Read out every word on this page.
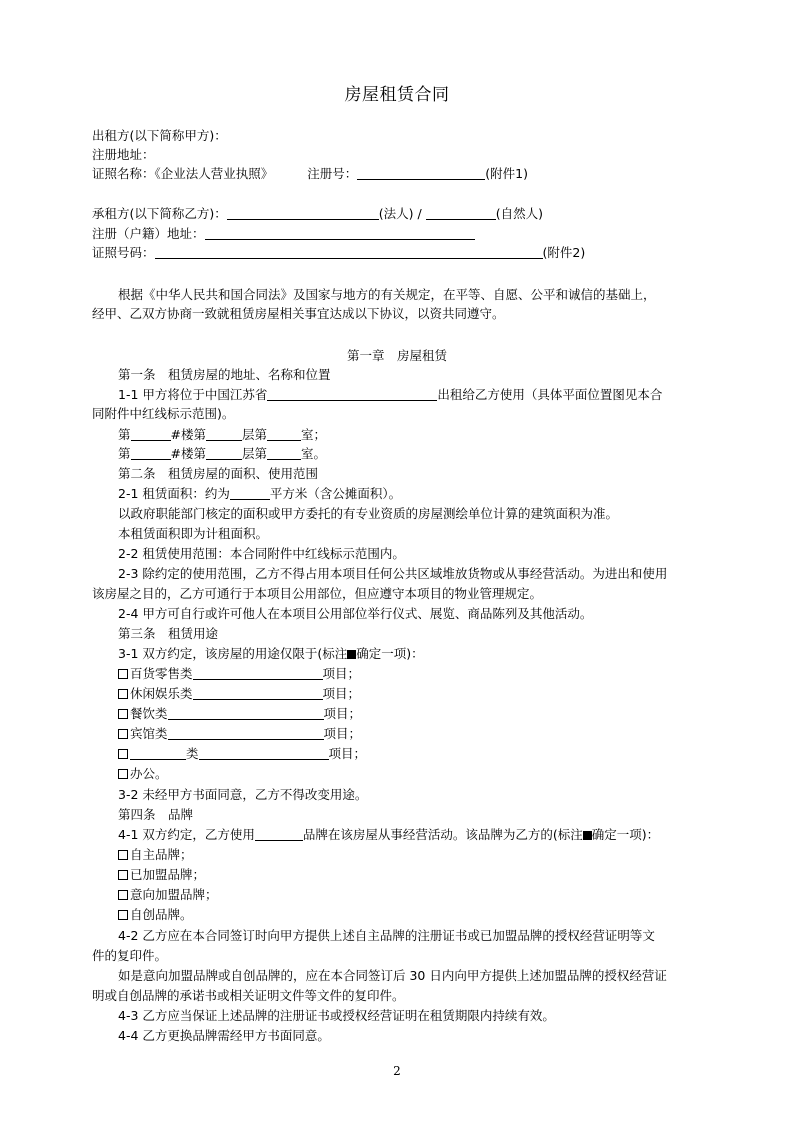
房屋租赁合同
出租方(以下简称甲方)：
注册地址：
证照名称：《企业法人营业执照》	注册号：	(附件1)
承租方(以下简称乙方)：	(法人) /	(自然人)
注册（户籍）地址：
证照号码：	(附件2)
根据《中华人民共和国合同法》及国家与地方的有关规定，在平等、自愿、公平和诚信的基础上，
经甲、乙双方协商一致就租赁房屋相关事宜达成以下协议，以资共同遵守。
第一章　房屋租赁
第一条　租赁房屋的地址、名称和位置
1-1 甲方将位于中国江苏省	出租给乙方使用（具体平面位置图见本合
同附件中红线标示范围)。
第	#楼第	层第	室；
第	#楼第	层第	室。
第二条　租赁房屋的面积、使用范围
2-1 租赁面积：约为	平方米（含公摊面积）。
以政府职能部门核定的面积或甲方委托的有专业资质的房屋测绘单位计算的建筑面积为准。
本租赁面积即为计租面积。
2-2 租赁使用范围：本合同附件中红线标示范围内。
2-3 除约定的使用范围，乙方不得占用本项目任何公共区域堆放货物或从事经营活动。为进出和使用
该房屋之目的，乙方可通行于本项目公用部位，但应遵守本项目的物业管理规定。
2-4 甲方可自行或许可他人在本项目公用部位举行仪式、展览、商品陈列及其他活动。
第三条　租赁用途
3-1 双方约定，该房屋的用途仅限于(标注 确定一项)：
百货零售类	项目；
休闲娱乐类	项目；
餐饮类	项目；
宾馆类	项目；
类	项目；
办公。
3-2 未经甲方书面同意，乙方不得改变用途。
第四条　品牌
4-1 双方约定，乙方使用	品牌在该房屋从事经营活动。该品牌为乙方的(标注 确定一项)：
自主品牌；
已加盟品牌；
意向加盟品牌；
自创品牌。
4-2 乙方应在本合同签订时向甲方提供上述自主品牌的注册证书或已加盟品牌的授权经营证明等文
件的复印件。
如是意向加盟品牌或自创品牌的，应在本合同签订后 30 日内向甲方提供上述加盟品牌的授权经营证
明或自创品牌的承诺书或相关证明文件等文件的复印件。
4-3 乙方应当保证上述品牌的注册证书或授权经营证明在租赁期限内持续有效。
4-4 乙方更换品牌需经甲方书面同意。
2
